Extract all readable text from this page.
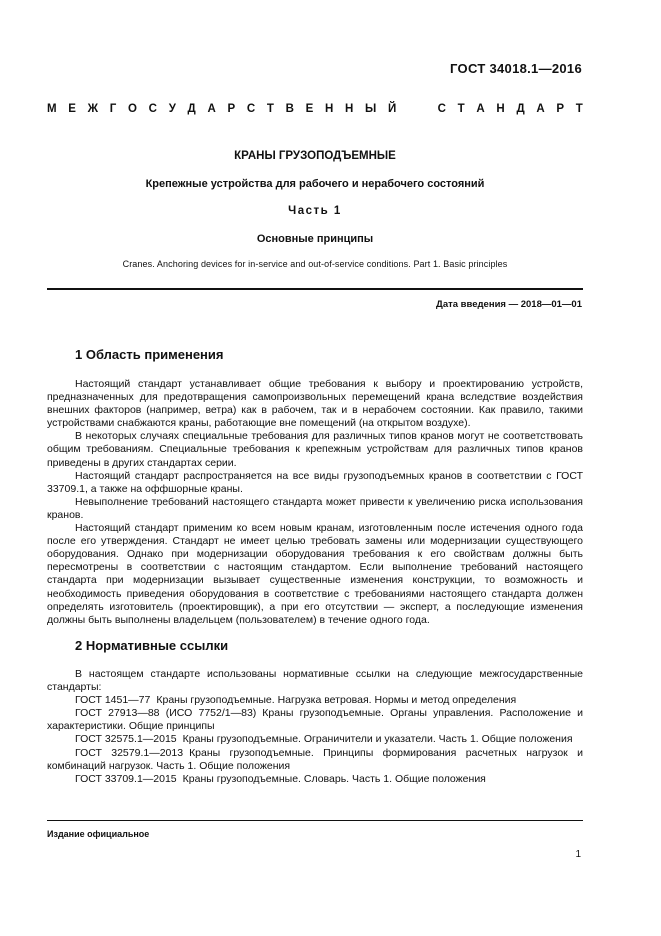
ГОСТ 34018.1—2016
М Е Ж Г О С У Д А Р С Т В Е Н Н Ы Й	С Т А Н Д А Р Т
КРАНЫ ГРУЗОПОДЪЕМНЫЕ
Крепежные устройства для рабочего и нерабочего состояний
Часть 1
Основные принципы
Cranes. Anchoring devices for in-service and out-of-service conditions. Part 1. Basic principles
Дата введения — 2018—01—01
1 Область применения

Настоящий стандарт устанавливает общие требования к выбору и проектированию устройств, предназначенных для предотвращения самопроизвольных перемещений крана вследствие воздействия внешних факторов (например, ветра) как в рабочем, так и в нерабочем состоянии. Как правило, такими устройствами снабжаются краны, работающие вне помещений (на открытом воздухе).

В некоторых случаях специальные требования для различных типов кранов могут не соответствовать общим требованиям. Специальные требования к крепежным устройствам для различных типов кранов приведены в других стандартах серии.

Настоящий стандарт распространяется на все виды грузоподъемных кранов в соответствии с ГОСТ 33709.1, а также на оффшорные краны.

Невыполнение требований настоящего стандарта может привести к увеличению риска использования кранов.

Настоящий стандарт применим ко всем новым кранам, изготовленным после истечения одного года после его утверждения. Стандарт не имеет целью требовать замены или модернизации существующего оборудования. Однако при модернизации оборудования требования к его свойствам должны быть пересмотрены в соответствии с настоящим стандартом. Если выполнение требований настоящего стандарта при модернизации вызывает существенные изменения конструкции, то возможность и необходимость приведения оборудования в соответствие с требованиями настоящего стандарта должен определять изготовитель (проектировщик), а при его отсутствии — эксперт, а последующие изменения должны быть выполнены владельцем (пользователем) в течение одного года.

2 Нормативные ссылки

В настоящем стандарте использованы нормативные ссылки на следующие межгосударственные стандарты:

ГОСТ 1451—77 Краны грузоподъемные. Нагрузка ветровая. Нормы и метод определения

ГОСТ 27913—88 (ИСО 7752/1—83) Краны грузоподъемные. Органы управления. Расположение и характеристики. Общие принципы

ГОСТ 32575.1—2015 Краны грузоподъемные. Ограничители и указатели. Часть 1. Общие положения

ГОСТ 32579.1—2013 Краны грузоподъемные. Принципы формирования расчетных нагрузок и комбинаций нагрузок. Часть 1. Общие положения

ГОСТ 33709.1—2015 Краны грузоподъемные. Словарь. Часть 1. Общие положения

Издание официальное
1
